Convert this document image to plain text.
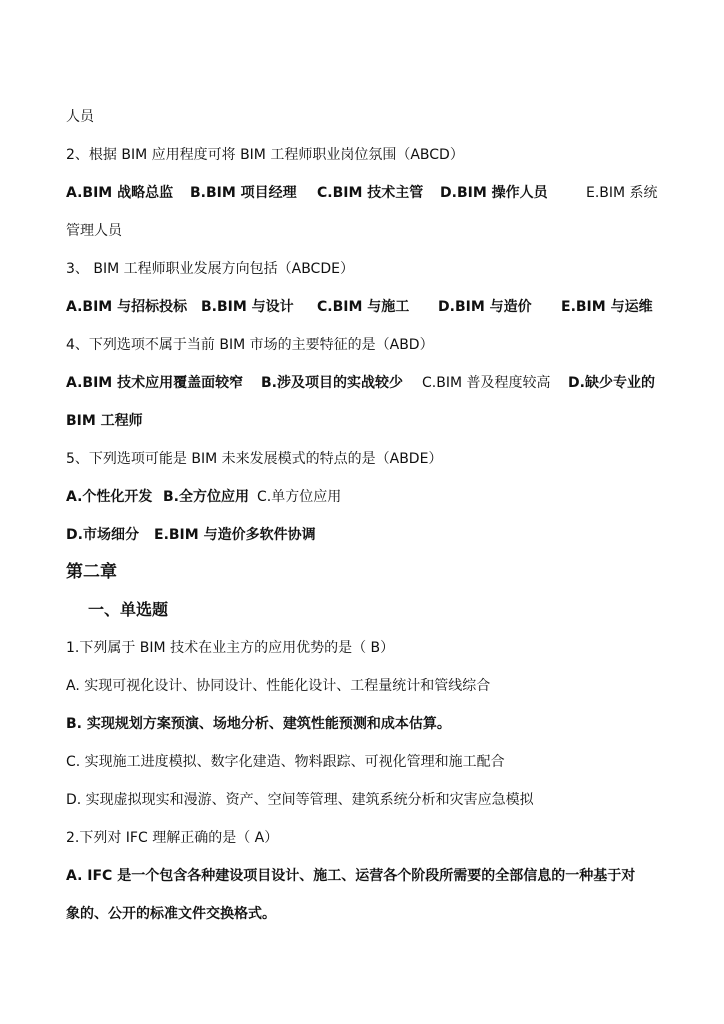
人员
2、根据 BIM 应用程度可将 BIM 工程师职业岗位氛围（ABCD）
A.BIM 战略总监 B.BIM 项目经理 C.BIM 技术主管 D.BIM 操作人员	E.BIM 系统
管理人员
3、 BIM 工程师职业发展方向包括（ABCDE）
A.BIM 与招标投标 B.BIM 与设计 C.BIM 与施工 D.BIM 与造价 E.BIM 与运维
4、下列选项不属于当前 BIM 市场的主要特征的是（ABD）
A.BIM 技术应用覆盖面较窄 B.涉及项目的实战较少 C.BIM 普及程度较高 D.缺少专业的
BIM 工程师
5、下列选项可能是 BIM 未来发展模式的特点的是（ABDE）
A.个性化开发 B.全方位应用 C.单方位应用
D.市场细分 E.BIM 与造价多软件协调
第二章
一、单选题
1.下列属于 BIM 技术在业主方的应用优势的是（ B）
A. 实现可视化设计、协同设计、性能化设计、工程量统计和管线综合
B. 实现规划方案预演、场地分析、建筑性能预测和成本估算。
C. 实现施工进度模拟、数字化建造、物料跟踪、可视化管理和施工配合
D. 实现虚拟现实和漫游、资产、空间等管理、建筑系统分析和灾害应急模拟
2.下列对 IFC 理解正确的是（ A）
A. IFC 是一个包含各种建设项目设计、施工、运营各个阶段所需要的全部信息的一种基于对
象的、公开的标准文件交换格式。
